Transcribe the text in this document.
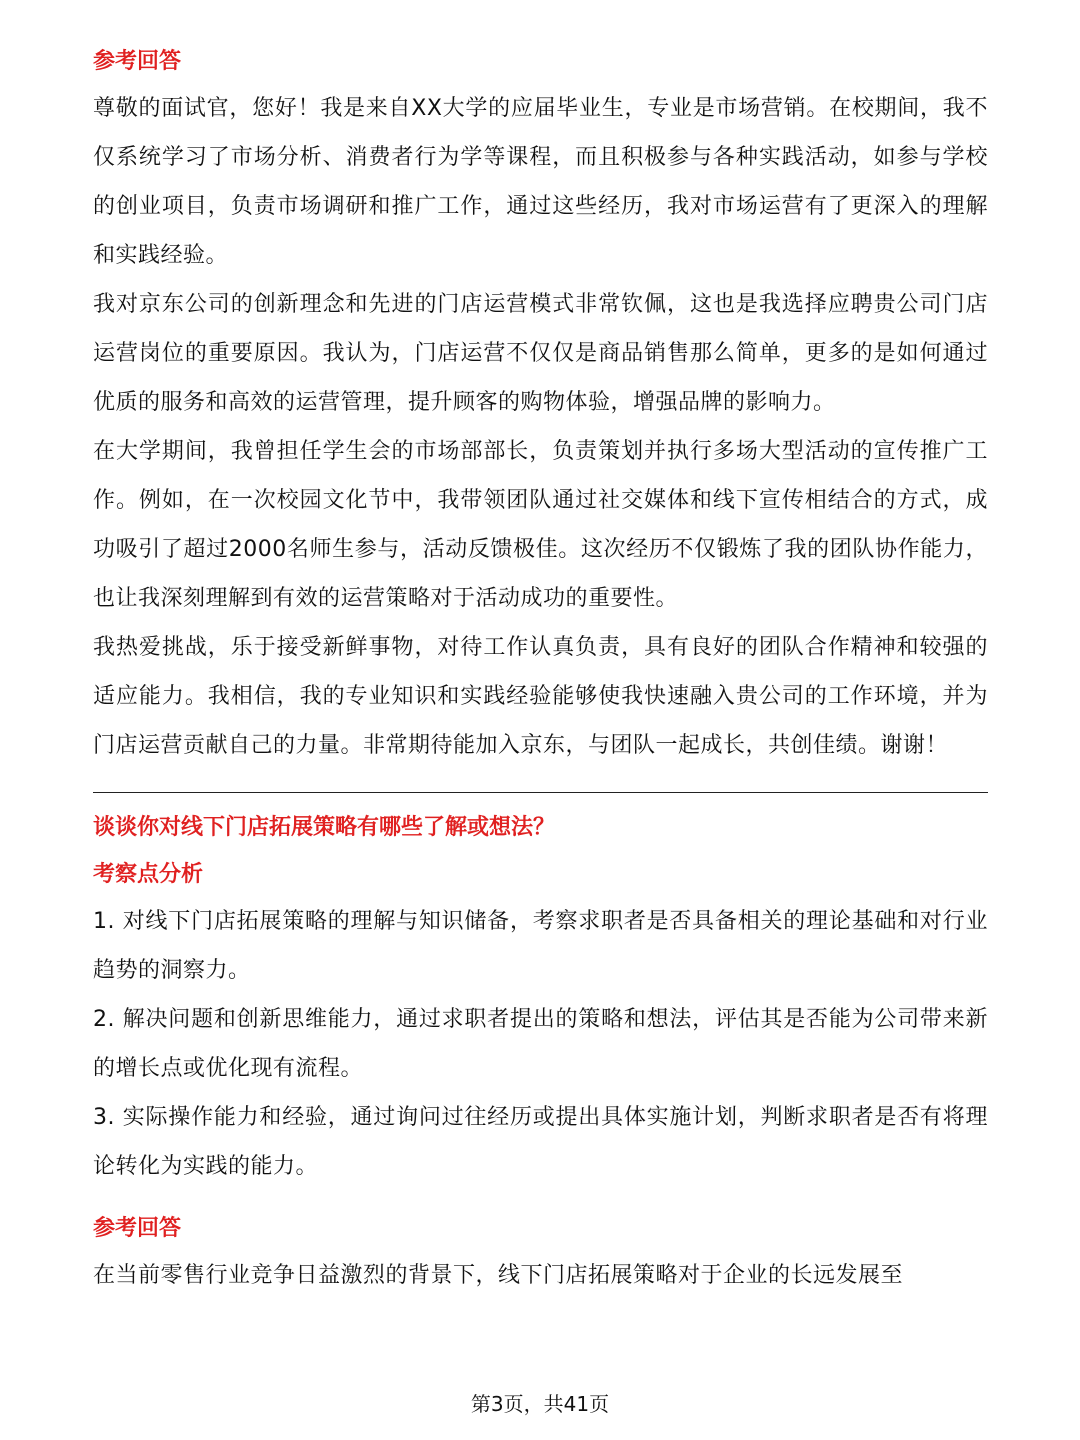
参考回答

尊敬的面试官，您好！我是来自XX大学的应届毕业生，专业是市场营销。在校期间，我不仅系统学习了市场分析、消费者行为学等课程，而且积极参与各种实践活动，如参与学校的创业项目，负责市场调研和推广工作，通过这些经历，我对市场运营有了更深入的理解和实践经验。

我对京东公司的创新理念和先进的门店运营模式非常钦佩，这也是我选择应聘贵公司门店运营岗位的重要原因。我认为，门店运营不仅仅是商品销售那么简单，更多的是如何通过优质的服务和高效的运营管理，提升顾客的购物体验，增强品牌的影响力。

在大学期间，我曾担任学生会的市场部部长，负责策划并执行多场大型活动的宣传推广工作。例如，在一次校园文化节中，我带领团队通过社交媒体和线下宣传相结合的方式，成功吸引了超过2000名师生参与，活动反馈极佳。这次经历不仅锻炼了我的团队协作能力，也让我深刻理解到有效的运营策略对于活动成功的重要性。

我热爱挑战，乐于接受新鲜事物，对待工作认真负责，具有良好的团队合作精神和较强的适应能力。我相信，我的专业知识和实践经验能够使我快速融入贵公司的工作环境，并为门店运营贡献自己的力量。非常期待能加入京东，与团队一起成长，共创佳绩。谢谢！

谈谈你对线下门店拓展策略有哪些了解或想法？

考察点分析

1. 对线下门店拓展策略的理解与知识储备，考察求职者是否具备相关的理论基础和对行业趋势的洞察力。

2. 解决问题和创新思维能力，通过求职者提出的策略和想法，评估其是否能为公司带来新的增长点或优化现有流程。

3. 实际操作能力和经验，通过询问过往经历或提出具体实施计划，判断求职者是否有将理论转化为实践的能力。

参考回答

在当前零售行业竞争日益激烈的背景下，线下门店拓展策略对于企业的长远发展至

第3页，共41页
